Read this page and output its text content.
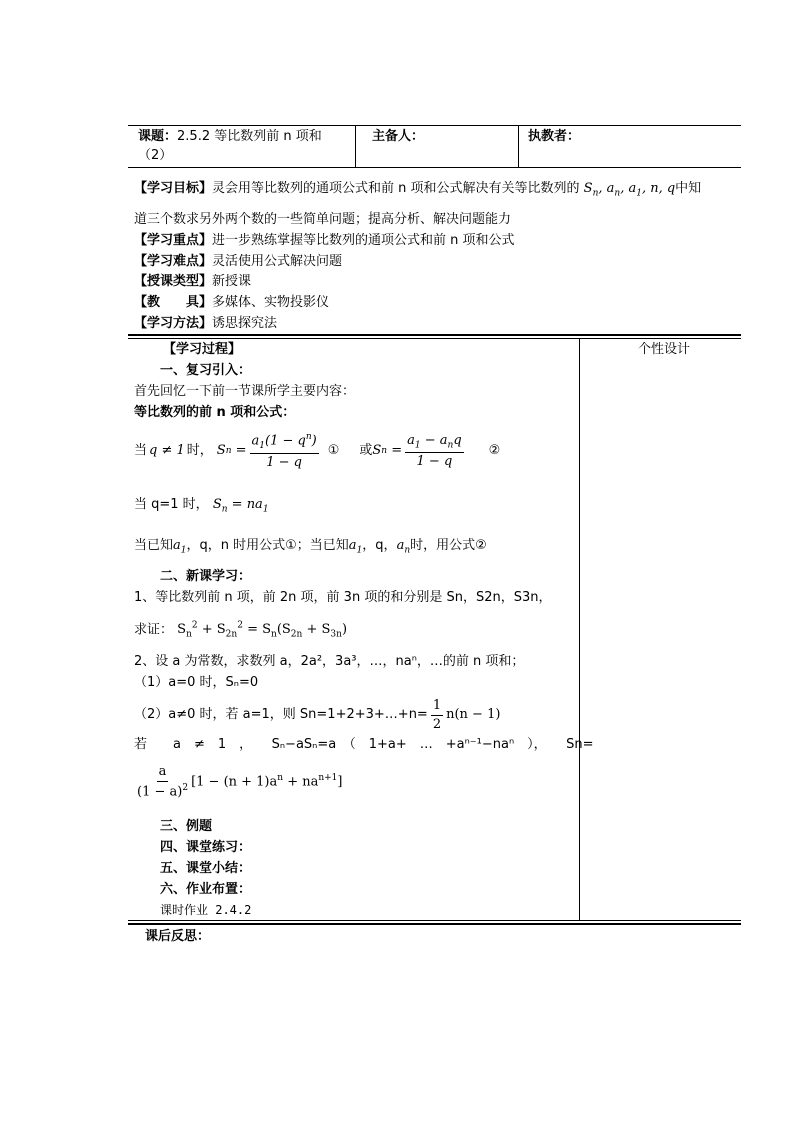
课题：2.5.2 等比数列前 n 项和
（2）
主备人：	执教者：
【学习目标】灵会用等比数列的通项公式和前 n 项和公式解决有关等比数列的 $S_n$, $a_n$, $a_1$, n, q中知
道三个数求另外两个数的一些简单问题；提高分析、解决问题能力
【学习重点】进一步熟练掌握等比数列的通项公式和前 n 项和公式
【学习难点】灵活使用公式解决问题
【授课类型】新授课
【教　　具】多媒体、实物投影仪
【学习方法】诱思探究法
【学习过程】	个性设计
一、复习引入：
首先回忆一下前一节课所学主要内容：
等比数列的前 n 项和公式：
当 q ≠ 1 时， S $n = \frac{a_1(1 - q^n)}{1 - q}$ ① 或 S $n = \frac{a_1 - a_nq}{1 - q}$ ②
当 q=1 时， $S_n = na_1$
当已知$a_1$，q，n 时用公式①；当已知$a_1$，q，$a_n$时，用公式②
二、新课学习：
1、等比数列前 n 项，前 2n 项，前 3n 项的和分别是 Sn，S2n，S3n，
求证： $S_n^2 + S_{2n}^2 = S_n(S_{2n} + S_{3n})$
2、设 a 为常数，求数列 a，2a²，3a³，…，naⁿ，…的前 n 项和；
（1）a=0 时，Sₙ=0
（2）a≠0 时，若 a=1，则 Sn=1+2+3+…+n= $\frac{1}{2} n(n - 1)$
若　　a　≠　1　，　　Sₙ−aSₙ=a　（　1+a+　…　+aⁿ⁻¹−naⁿ　），　　Sn=
$\frac{a}{(1 - a)^2} [1 - (n + 1)a^n + na^{n+1}]$
三、例题
四、课堂练习：
五、课堂小结：
六、作业布置：
课时作业 2.4.2
课后反思：
